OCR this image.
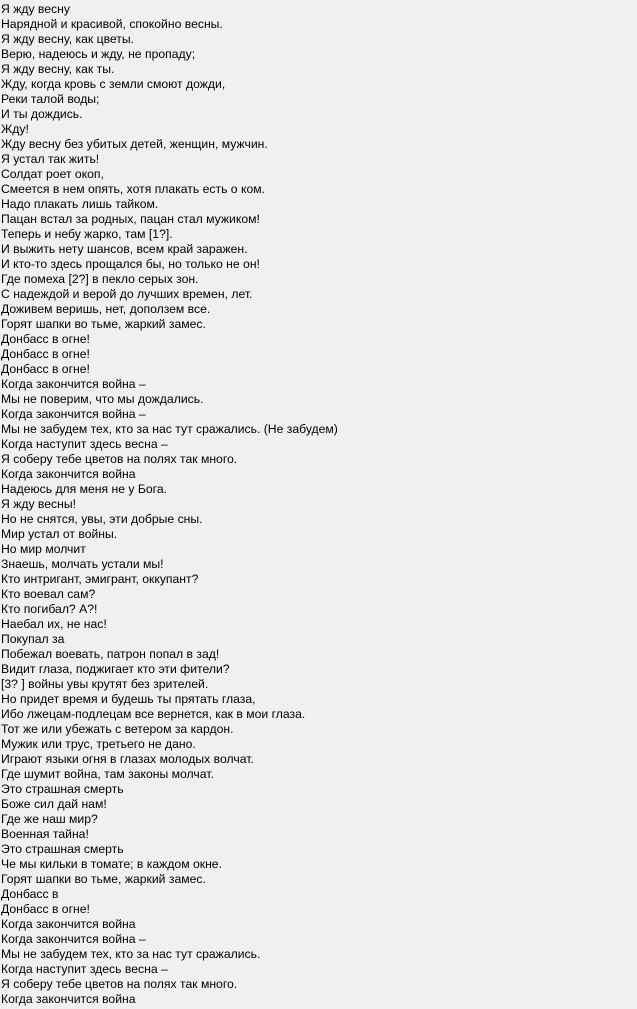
Я жду весну
Нарядной и красивой, спокойно весны.
Я жду весну, как цветы.
Верю, надеюсь и жду, не пропаду;
Я жду весну, как ты.
Жду, когда кровь с земли смоют дожди,
Реки талой воды;
И ты дождись.
Жду!
Жду весну без убитых детей, женщин, мужчин.
Я устал так жить!
Солдат роет окоп,
Смеется в нем опять, хотя плакать есть о ком.
Надо плакать лишь тайком.
Пацан встал за родных, пацан стал мужиком!
Теперь и небу жарко, там [1?].
И выжить нету шансов, всем край заражен.
И кто-то здесь прощался бы, но только не он!
Где помеха [2?] в пекло серых зон.
С надеждой и верой до лучших времен, лет.
Доживем веришь, нет, доползем все.
Горят шапки во тьме, жаркий замес.
Донбасс в огне!
Донбасс в огне!
Донбасс в огне!
Когда закончится война –
Мы не поверим, что мы дождались.
Когда закончится война –
Мы не забудем тех, кто за нас тут сражались. (Не забудем)
Когда наступит здесь весна –
Я соберу тебе цветов на полях так много.
Когда закончится война
Надеюсь для меня не у Бога.
Я жду весны!
Но не снятся, увы, эти добрые сны.
Мир устал от войны.
Но мир молчит
Знаешь, молчать устали мы!
Кто интригант, эмигрант, оккупант?
Кто воевал сам?
Кто погибал? А?!
Наебал их, не нас!
Покупал за
Побежал воевать, патрон попал в зад!
Видит глаза, поджигает кто эти фители?
[3? ] войны увы крутят без зрителей.
Но придет время и будешь ты прятать глаза,
Ибо лжецам-подлецам все вернется, как в мои глаза.
Тот же или убежать с ветером за кардон.
Мужик или трус, третьего не дано.
Играют языки огня в глазах молодых волчат.
Где шумит война, там законы молчат.
Это страшная смерть
Боже сил дай нам!
Где же наш мир?
Военная тайна!
Это страшная смерть
Че мы кильки в томате; в каждом окне.
Горят шапки во тьме, жаркий замес.
Донбасс в
Донбасс в огне!
Когда закончится война
Когда закончится война –
Мы не забудем тех, кто за нас тут сражались.
Когда наступит здесь весна –
Я соберу тебе цветов на полях так много.
Когда закончится война
